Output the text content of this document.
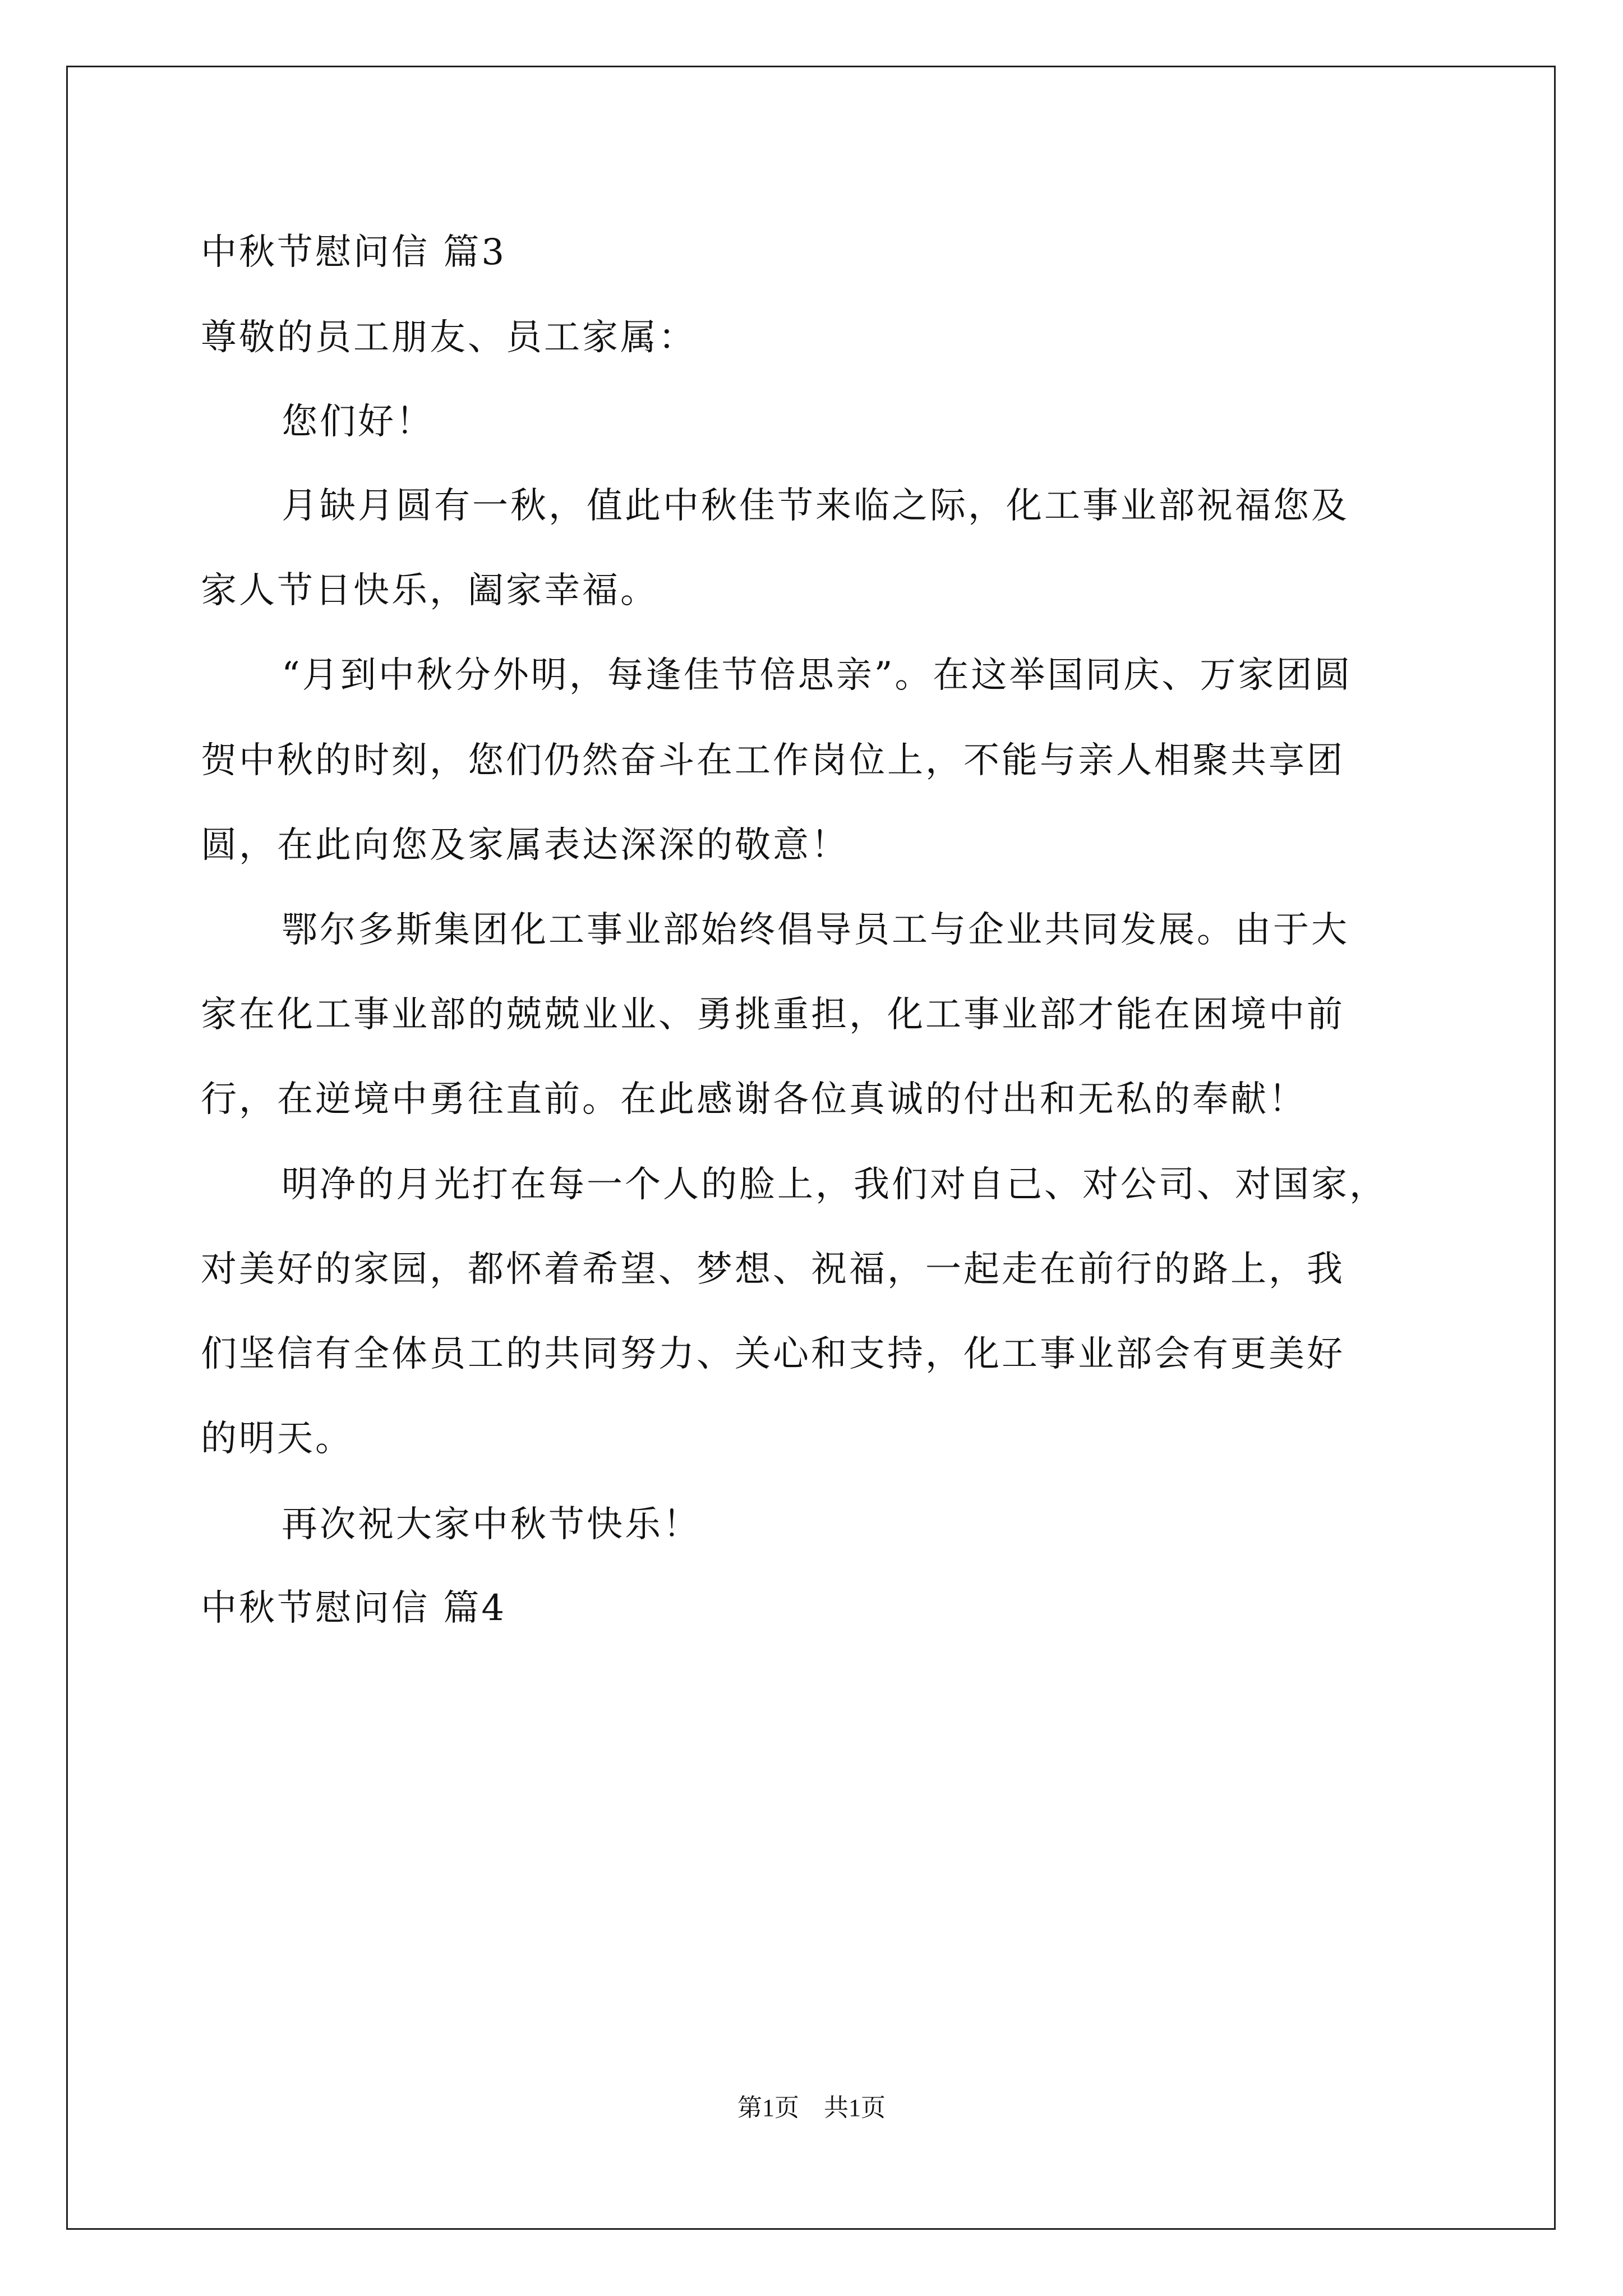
中秋节慰问信 篇3
尊敬的员工朋友、员工家属：
您们好！
月缺月圆有一秋，值此中秋佳节来临之际，化工事业部祝福您及
家人节日快乐，阖家幸福。
“月到中秋分外明，每逢佳节倍思亲”。在这举国同庆、万家团圆
贺中秋的时刻，您们仍然奋斗在工作岗位上，不能与亲人相聚共享团
圆，在此向您及家属表达深深的敬意！
鄂尔多斯集团化工事业部始终倡导员工与企业共同发展。由于大
家在化工事业部的兢兢业业、勇挑重担，化工事业部才能在困境中前
行，在逆境中勇往直前。在此感谢各位真诚的付出和无私的奉献！
明净的月光打在每一个人的脸上，我们对自己、对公司、对国家，
对美好的家园，都怀着希望、梦想、祝福，一起走在前行的路上，我
们坚信有全体员工的共同努力、关心和支持，化工事业部会有更美好
的明天。
再次祝大家中秋节快乐！
中秋节慰问信 篇4
第1页　共1页
